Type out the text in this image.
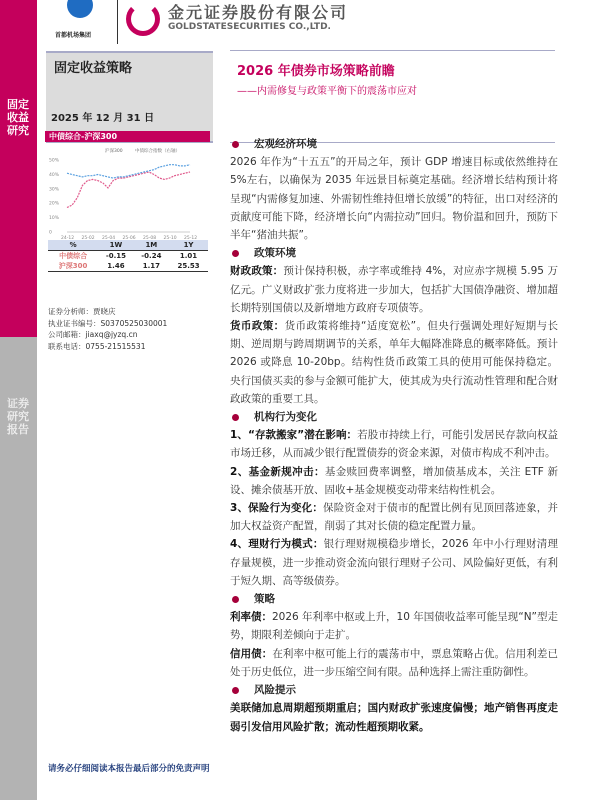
固定收益研究
证券研究报告
首都机场集团
金元证券股份有限公司
GOLDSTATESECURITIES CO.,LTD.
固定收益策略
2025 年 12 月 31 日
2026 年债券市场策略前瞻
——内需修复与政策平衡下的震荡市应对
中债综合-沪深300
沪深300	中债综合指数（右轴）
0
10%
20%
30%
40%
50%
24-12 25-02 25-04 25-06 25-08 25-10 25-12
%	1W	1M	1Y
中债综合	-0.15	-0.24	1.01
沪深300	1.46	1.17	25.53
证券分析师：贾晓庆
执业证书编号：S0370525030001
公司邮箱：jiaxq@jyzq.cn
联系电话：0755-21515531
宏观经济环境

2026 年作为“十五五”的开局之年，预计 GDP 增速目标或依然维持在 5%左右，以确保为 2035 年远景目标奠定基础。经济增长结构预计将呈现“内需修复加速、外需韧性维持但增长放缓”的特征，出口对经济的贡献度可能下降，经济增长向“内需拉动”回归。物价温和回升，预防下半年“猪油共振”。

政策环境

财政政策：预计保持积极，赤字率或维持 4%，对应赤字规模 5.95 万亿元。广义财政扩张力度将进一步加大，包括扩大国债净融资、增加超长期特别国债以及新增地方政府专项债等。

货币政策：货币政策将维持“适度宽松”。但央行强调处理好短期与长期、逆周期与跨周期调节的关系，单年大幅降准降息的概率降低。预计 2026 或降息 10-20bp。结构性货币政策工具的使用可能保持稳定。央行国债买卖的参与金额可能扩大，使其成为央行流动性管理和配合财政政策的重要工具。

机构行为变化

1、“存款搬家”潜在影响：若股市持续上行，可能引发居民存款向权益市场迁移，从而减少银行配置债券的资金来源，对债市构成不利冲击。

2、基金新规冲击：基金赎回费率调整，增加债基成本，关注 ETF 新设、摊余债基开放、固收+基金规模变动带来结构性机会。

3、保险行为变化：保险资金对于债市的配置比例有见顶回落迹象，并加大权益资产配置，削弱了其对长债的稳定配置力量。

4、理财行为模式：银行理财规模稳步增长，2026 年中小行理财清理存量规模，进一步推动资金流向银行理财子公司、风险偏好更低，有利于短久期、高等级债券。

策略

利率债：2026 年利率中枢或上升，10 年国债收益率可能呈现“N”型走势，期限利差倾向于走扩。

信用债：在利率中枢可能上行的震荡市中，票息策略占优。信用利差已处于历史低位，进一步压缩空间有限。品种选择上需注重防御性。

风险提示

美联储加息周期超预期重启；国内财政扩张速度偏慢；地产销售再度走弱引发信用风险扩散；流动性超预期收紧。

请务必仔细阅读本报告最后部分的免责声明
